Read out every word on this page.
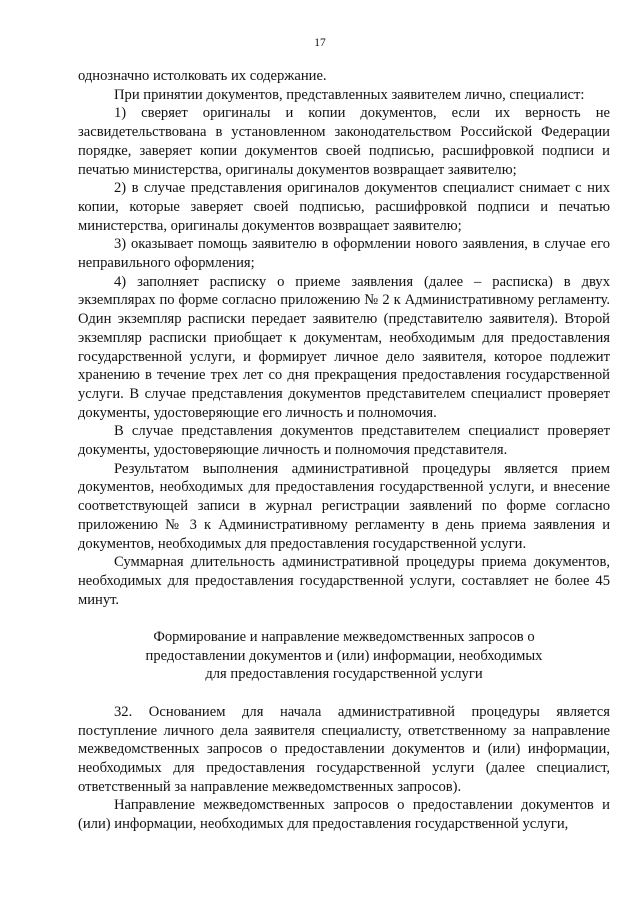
17

однозначно истолковать их содержание.

При принятии документов, представленных заявителем лично, специалист:

1) сверяет оригиналы и копии документов, если их верность не засвидетельствована в установленном законодательством Российской Федерации порядке, заверяет копии документов своей подписью, расшифровкой подписи и печатью министерства, оригиналы документов возвращает заявителю;

2) в случае представления оригиналов документов специалист снимает с них копии, которые заверяет своей подписью, расшифровкой подписи и печатью министерства, оригиналы документов возвращает заявителю;

3) оказывает помощь заявителю в оформлении нового заявления, в случае его неправильного оформления;

4) заполняет расписку о приеме заявления (далее – расписка) в двух экземплярах по форме согласно приложению № 2 к Административному регламенту. Один экземпляр расписки передает заявителю (представителю заявителя). Второй экземпляр расписки приобщает к документам, необходимым для предоставления государственной услуги, и формирует личное дело заявителя, которое подлежит хранению в течение трех лет со дня прекращения предоставления государственной услуги. В случае представления документов представителем специалист проверяет документы, удостоверяющие его личность и полномочия.

В случае представления документов представителем специалист проверяет документы, удостоверяющие личность и полномочия представителя.

Результатом выполнения административной процедуры является прием документов, необходимых для предоставления государственной услуги, и внесение соответствующей записи в журнал регистрации заявлений по форме согласно приложению № 3 к Административному регламенту в день приема заявления и документов, необходимых для предоставления государственной услуги.

Суммарная длительность административной процедуры приема документов, необходимых для предоставления государственной услуги, составляет не более 45 минут.

Формирование и направление межведомственных запросов о

предоставлении документов и (или) информации, необходимых

для предоставления государственной услуги

32. Основанием для начала административной процедуры является поступление личного дела заявителя специалисту, ответственному за направление межведомственных запросов о предоставлении документов и (или) информации, необходимых для предоставления государственной услуги (далее специалист, ответственный за направление межведомственных запросов).

Направление межведомственных запросов о предоставлении документов и (или) информации, необходимых для предоставления государственной услуги,
